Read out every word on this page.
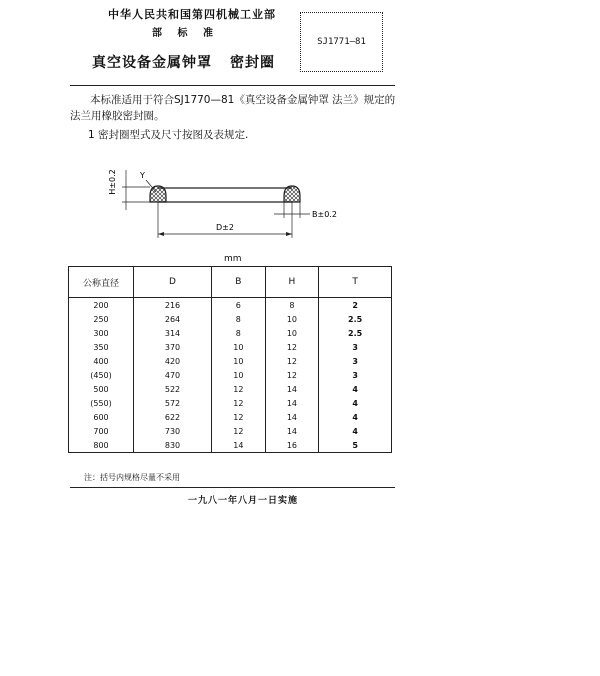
中华人民共和国第四机械工业部
部 标 准
真空设备金属钟罩 密封圈
SJ1771—81
本标准适用于符合SJ1770—81《真空设备金属钟罩 法兰》规定的法兰用橡胶密封圈。
1 密封圈型式及尺寸按图及表规定.
H±0.2	Y
D±2
B±0.2
mm
公称直径	D	B	H	T
200	216	6	8	2
250	264	8	10	2.5
300	314	8	10	2.5
350	370	10	12	3
400	420	10	12	3
(450)	470	10	12	3
500	522	12	14	4
(550)	572	12	14	4
600	622	12	14	4
700	730	12	14	4
800	830	14	16	5
注：括号内规格尽量不采用
一九八一年八月一日实施
